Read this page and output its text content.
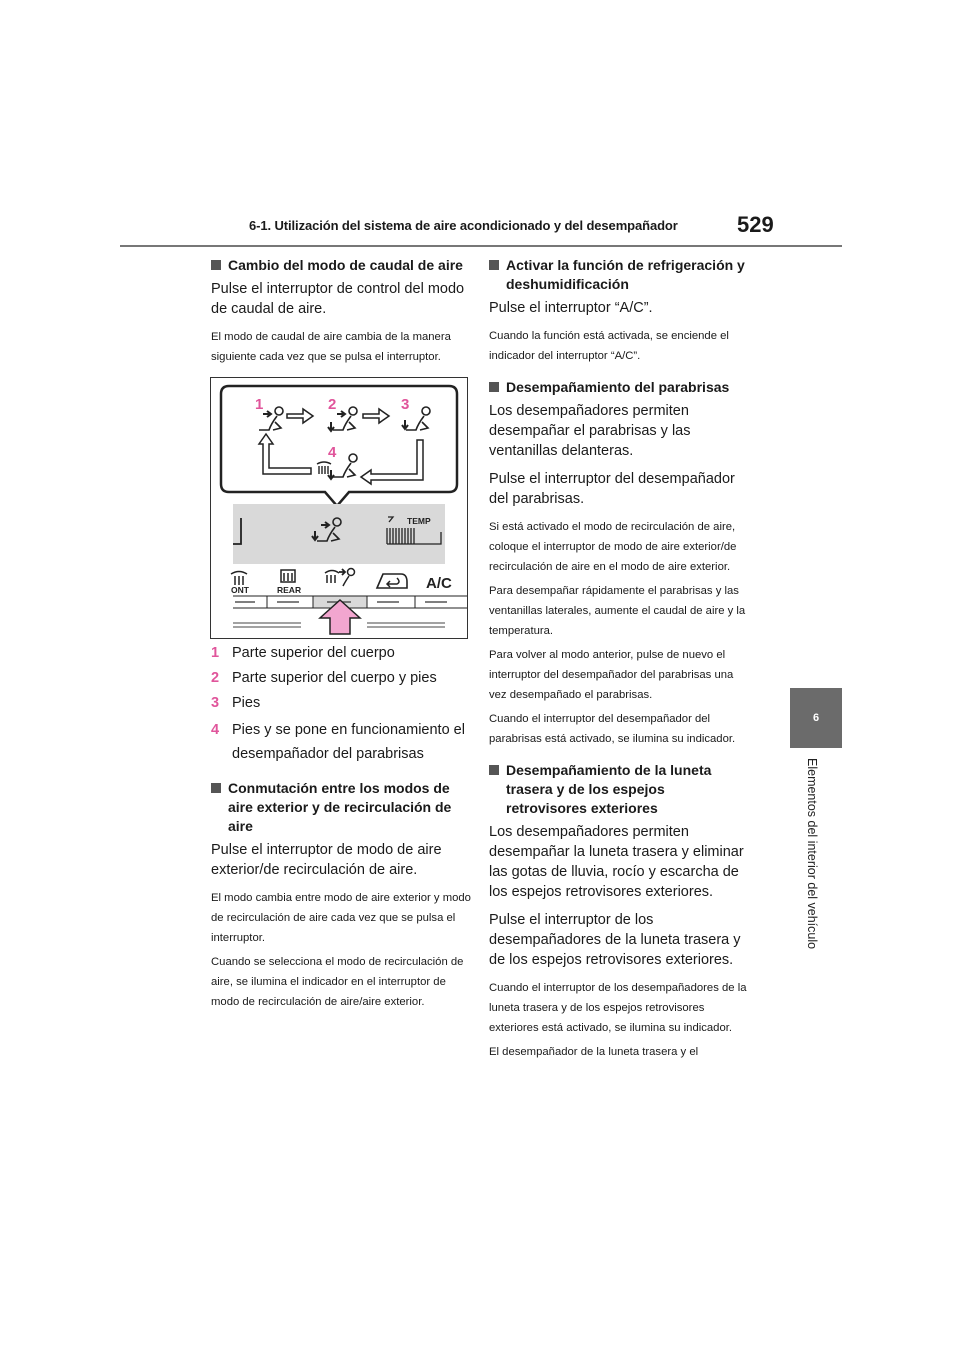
6-1. Utilización del sistema de aire acondicionado y del desempañador	529
6
Elementos del interior del vehículo
Cambio del modo de caudal de aire
Pulse el interruptor de control del modo de caudal de aire.
El modo de caudal de aire cambia de la manera siguiente cada vez que se pulsa el interruptor.
1	2	3
4
TEMP
ONT	REAR	A/C
1 Parte superior del cuerpo
2 Parte superior del cuerpo y pies
3 Pies
4 Pies y se pone en funcionamiento el desempañador del parabrisas
Conmutación entre los modos de aire exterior y de recirculación de aire
Pulse el interruptor de modo de aire exterior/de recirculación de aire.
El modo cambia entre modo de aire exterior y modo de recirculación de aire cada vez que se pulsa el interruptor.
Cuando se selecciona el modo de recirculación de aire, se ilumina el indicador en el interruptor de modo de recirculación de aire/aire exterior.
Activar la función de refrigeración y deshumidificación
Pulse el interruptor “A/C”.
Cuando la función está activada, se enciende el indicador del interruptor “A/C”.
Desempañamiento del parabrisas
Los desempañadores permiten desempañar el parabrisas y las ventanillas delanteras.
Pulse el interruptor del desempañador del parabrisas.
Si está activado el modo de recirculación de aire, coloque el interruptor de modo de aire exterior/de recirculación de aire en el modo de aire exterior.
Para desempañar rápidamente el parabrisas y las ventanillas laterales, aumente el caudal de aire y la temperatura.
Para volver al modo anterior, pulse de nuevo el interruptor del desempañador del parabrisas una vez desempañado el parabrisas.
Cuando el interruptor del desempañador del parabrisas está activado, se ilumina su indicador.
Desempañamiento de la luneta trasera y de los espejos retrovisores exteriores
Los desempañadores permiten desempañar la luneta trasera y eliminar las gotas de lluvia, rocío y escarcha de los espejos retrovisores exteriores.
Pulse el interruptor de los desempañadores de la luneta trasera y de los espejos retrovisores exteriores.
Cuando el interruptor de los desempañadores de la luneta trasera y de los espejos retrovisores exteriores está activado, se ilumina su indicador.
El desempañador de la luneta trasera y el
